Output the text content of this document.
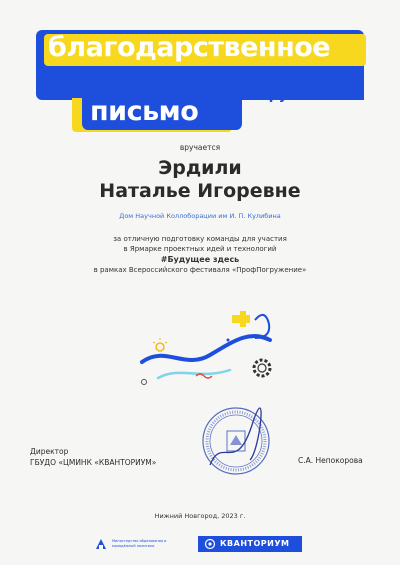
благодарственное
письмо
Проф всероссийский фестиваль
Погружение
вручается
Эрдили
Наталье Игоревне
Дом Научной Коллоборации им И. П. Кулибина
за отличную подготовку команды для участия
в Ярмарке проектных идей и технологий
#Будущее здесь
в рамках Всероссийского фестиваля «ПрофПогружение»
Директор
ГБУДО «ЦМИНК «КВАНТОРИУМ»	С.А. Непокорова
Нижний Новгород, 2023 г.
Министерство образования и молодёжной политики	КВАНТОРИУМ
